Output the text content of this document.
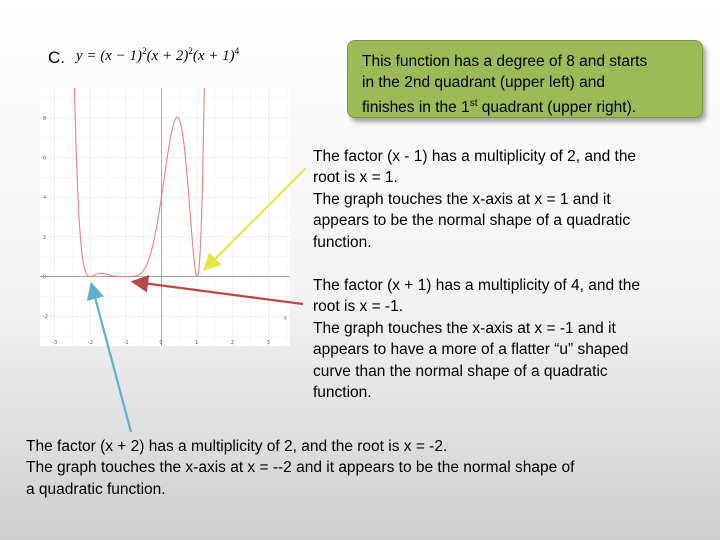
C. $y = (x - 1)^2(x + 2)^2(x + 1)^4$
This function has a degree of 8 and starts
in the 2nd quadrant (upper left) and
finishes in the 1st quadrant (upper right).
8
6
4
2
0
-2
-3	-2	-1	0	1	2	3
x
The factor (x - 1) has a multiplicity of 2, and the
root is x = 1.
The graph touches the x-axis at x = 1 and it
appears to be the normal shape of a quadratic
function.
The factor (x + 1) has a multiplicity of 4, and the
root is x = -1.
The graph touches the x-axis at x = -1 and it
appears to have a more of a flatter “u” shaped
curve than the normal shape of a quadratic
function.
The factor (x + 2) has a multiplicity of 2, and the root is x = -2.
The graph touches the x-axis at x = --2 and it appears to be the normal shape of
a quadratic function.
